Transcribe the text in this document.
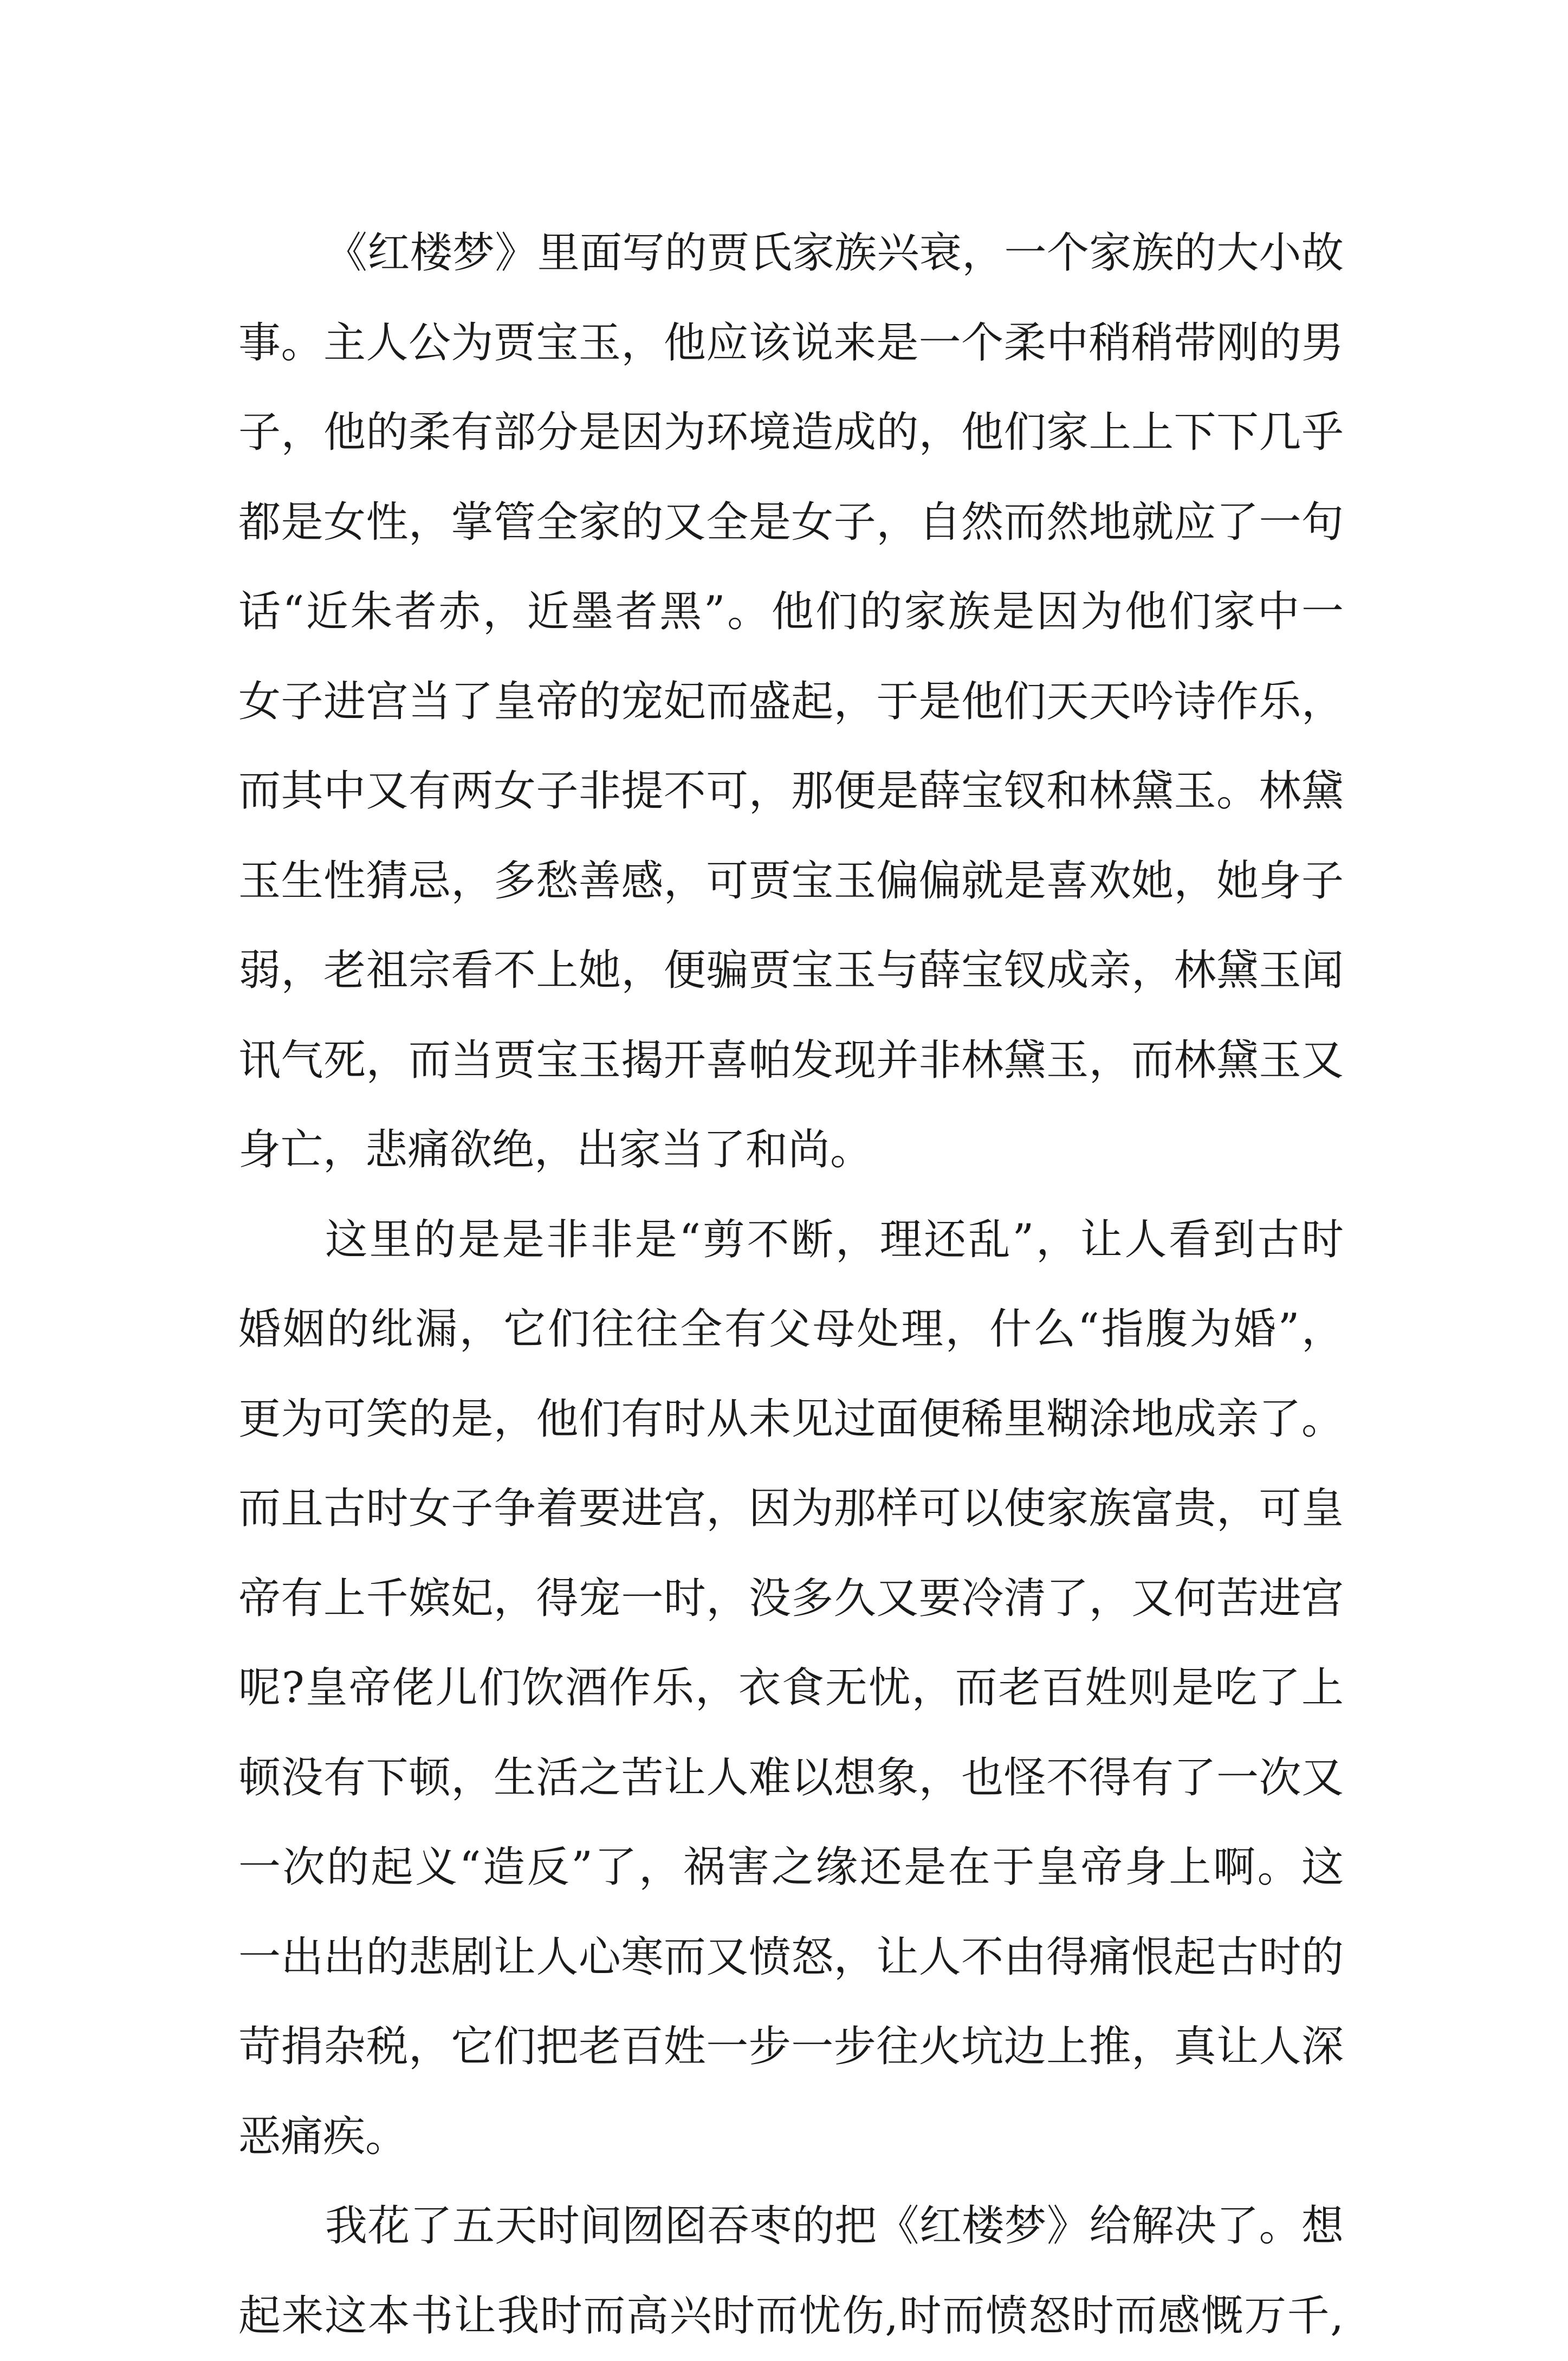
《红楼梦》里面写的贾氏家族兴衰，一个家族的大小故
事。主人公为贾宝玉，他应该说来是一个柔中稍稍带刚的男
子，他的柔有部分是因为环境造成的，他们家上上下下几乎
都是女性，掌管全家的又全是女子，自然而然地就应了一句
话“近朱者赤，近墨者黑”。他们的家族是因为他们家中一
女子进宫当了皇帝的宠妃而盛起，于是他们天天吟诗作乐，
而其中又有两女子非提不可，那便是薛宝钗和林黛玉。林黛
玉生性猜忌，多愁善感，可贾宝玉偏偏就是喜欢她，她身子
弱，老祖宗看不上她，便骗贾宝玉与薛宝钗成亲，林黛玉闻
讯气死，而当贾宝玉揭开喜帕发现并非林黛玉，而林黛玉又
身亡，悲痛欲绝，出家当了和尚。
这里的是是非非是“剪不断，理还乱”，让人看到古时
婚姻的纰漏，它们往往全有父母处理，什么“指腹为婚”，
更为可笑的是，他们有时从未见过面便稀里糊涂地成亲了。
而且古时女子争着要进宫，因为那样可以使家族富贵，可皇
帝有上千嫔妃，得宠一时，没多久又要冷清了，又何苦进宫
呢?皇帝佬儿们饮酒作乐，衣食无忧，而老百姓则是吃了上
顿没有下顿，生活之苦让人难以想象，也怪不得有了一次又
一次的起义“造反”了，祸害之缘还是在于皇帝身上啊。这
一出出的悲剧让人心寒而又愤怒，让人不由得痛恨起古时的
苛捐杂税，它们把老百姓一步一步往火坑边上推，真让人深
恶痛疾。
我花了五天时间囫囵吞枣的把《红楼梦》给解决了。想
起来这本书让我时而高兴时而忧伤,时而愤怒时而感慨万千,
